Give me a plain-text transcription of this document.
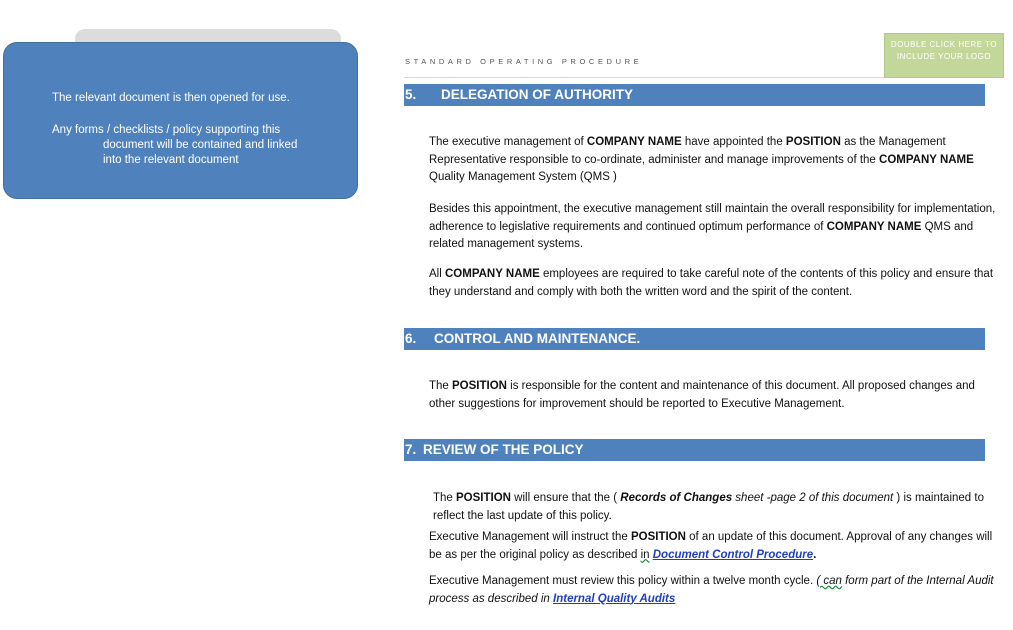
The relevant document is then opened for use.
Any forms / checklists / policy supporting this
document will be contained and linked
into the relevant document
STANDARD OPERATING PROCEDURE
DOUBLE CLICK HERE TO
INCLUDE YOUR LOGO
5. DELEGATION OF AUTHORITY

The executive management of COMPANY NAME have appointed the POSITION as the Management Representative responsible to co-ordinate, administer and manage improvements of the COMPANY NAME Quality Management System (QMS )

Besides this appointment, the executive management still maintain the overall responsibility for implementation, adherence to legislative requirements and continued optimum performance of COMPANY NAME QMS and related management systems.

All COMPANY NAME employees are required to take careful note of the contents of this policy and ensure that they understand and comply with both the written word and the spirit of the content.

6. CONTROL AND MAINTENANCE.

The POSITION is responsible for the content and maintenance of this document. All proposed changes and other suggestions for improvement should be reported to Executive Management.

7. REVIEW OF THE POLICY

The POSITION will ensure that the ( Records of Changes sheet -page 2 of this document ) is maintained to reflect the last update of this policy.

Executive Management will instruct the POSITION of an update of this document. Approval of any changes will be as per the original policy as described in Document Control Procedure.

Executive Management must review this policy within a twelve month cycle. ( can form part of the Internal Audit process as described in Internal Quality Audits
